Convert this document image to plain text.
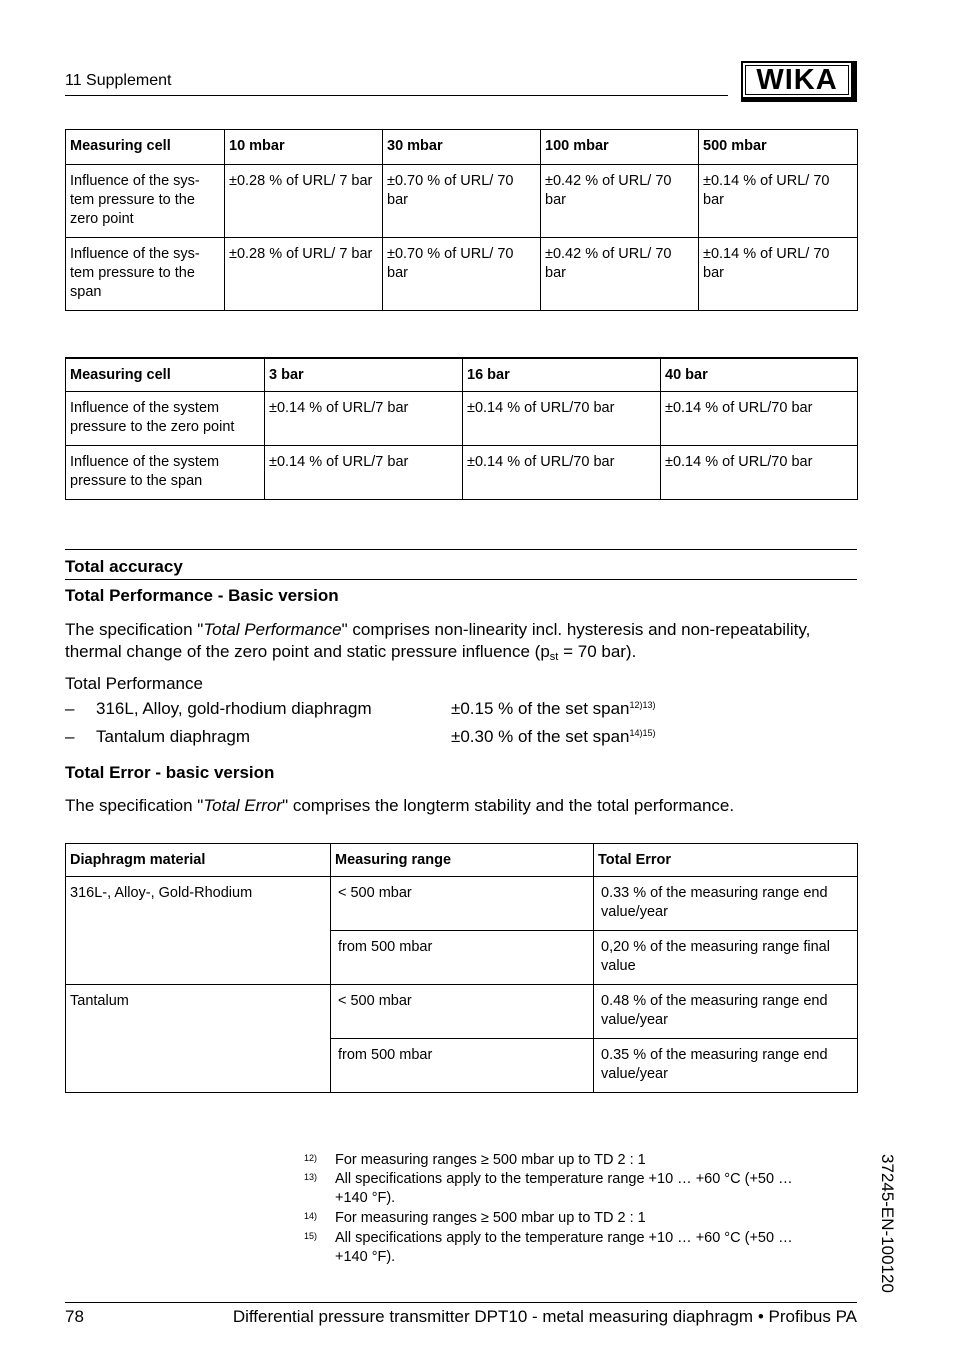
11 Supplement	WIKA
Measuring cell	10 mbar	30 mbar	100 mbar	500 mbar
Influence of the sys-tem pressure to the zero point	±0.28 % of URL/ 7 bar	±0.70 % of URL/ 70 bar	±0.42 % of URL/ 70 bar	±0.14 % of URL/ 70 bar
Influence of the sys-tem pressure to the span	±0.28 % of URL/ 7 bar	±0.70 % of URL/ 70 bar	±0.42 % of URL/ 70 bar	±0.14 % of URL/ 70 bar
Measuring cell	3 bar	16 bar	40 bar
Influence of the system pressure to the zero point	±0.14 % of URL/7 bar	±0.14 % of URL/70 bar	±0.14 % of URL/70 bar
Influence of the system pressure to the span	±0.14 % of URL/7 bar	±0.14 % of URL/70 bar	±0.14 % of URL/70 bar
Total accuracy
Total Performance - Basic version
The specification "Total Performance" comprises non-linearity incl. hysteresis and non-repeatability, thermal change of the zero point and static pressure influence ($p_{st} = 70$ bar).
Total Performance
– 316L, Alloy, gold-rhodium diaphragm	±0.15 % of the set span$^{12)13)}$
– Tantalum diaphragm	±0.30 % of the set span$^{14)15)}$
Total Error - basic version
The specification "Total Error" comprises the longterm stability and the total performance.
Diaphragm material	Measuring range	Total Error
316L-, Alloy-, Gold-Rhodium	< 500 mbar	0.33 % of the measuring range end value/year
	from 500 mbar	0,20 % of the measuring range final value
Tantalum	< 500 mbar	0.48 % of the measuring range end value/year
	from 500 mbar	0.35 % of the measuring range end value/year
12) For measuring ranges ≥ 500 mbar up to TD 2 : 1
13) All specifications apply to the temperature range +10 … +60 °C (+50 … +140 °F).
14) For measuring ranges ≥ 500 mbar up to TD 2 : 1
15) All specifications apply to the temperature range +10 … +60 °C (+50 … +140 °F).	37245-EN-100120
78	Differential pressure transmitter DPT10 - metal measuring diaphragm • Profibus PA
